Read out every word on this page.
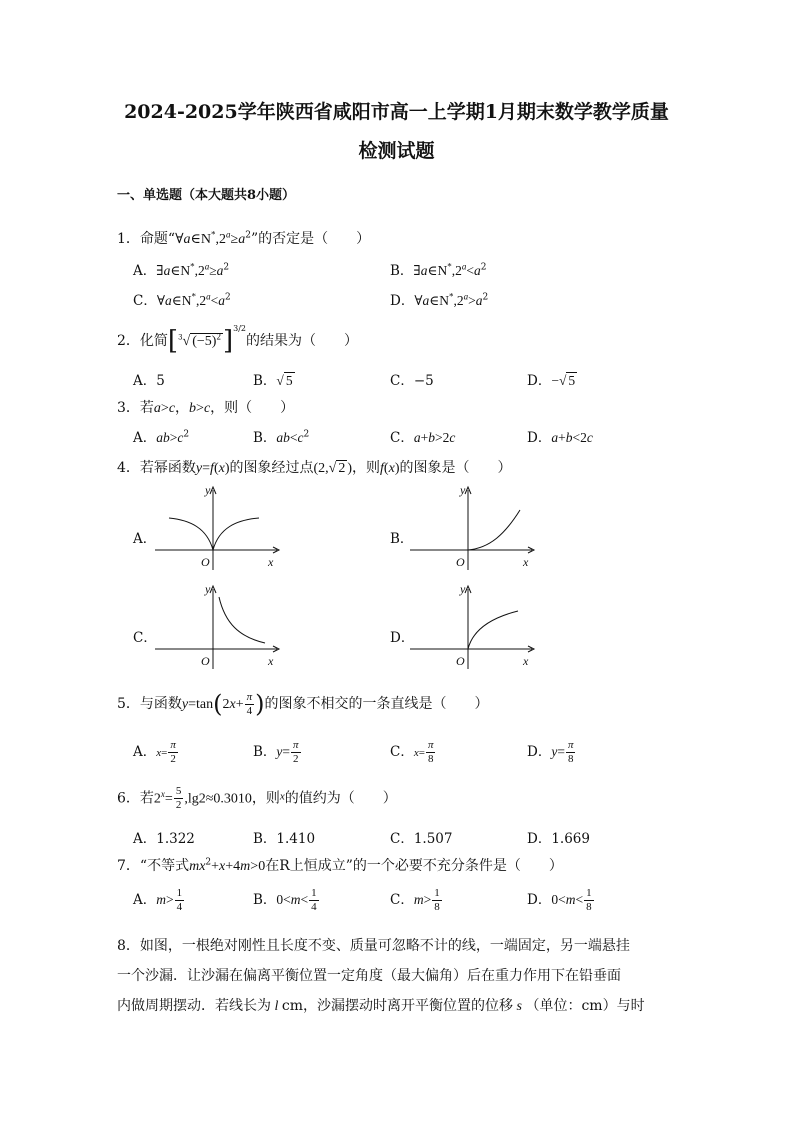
2024-2025学年陕西省咸阳市高一上学期1月期末数学教学质量
检测试题
一、单选题（本大题共8小题）
1．命题“$\forall a\in N^*,2^a\ge a^2$”的否定是（　　）
A．$\exists a\in N^*,2^a\ge a^2$	B．$\exists a\in N^*,2^a<a^2$
C．$\forall a\in N^*,2^a<a^2$	D．$\forall a\in N^*,2^a>a^2$
2．化简[$^3$√ $(-5)^2]^{3/2}$的结果为（　　）
A．5	B．√ 5	C．−5	D．−√ 5
3．若a>c，b>c，则（　　）
A．$ab>c^2$	B．$ab<c^2$	C．a+b>2c	D．a+b<2c
4．若幂函数y=f(x)的图象经过点(2,√ 2 )，则f(x)的图象是（　　）
A．
y
x
O
B．
y
x
O
C．
y
x
O
D．
y
x
O
5．与函数$y=\tan(2x+ \frac{\pi}{4}$ )的图象不相交的一条直线是（　　）
A．$x= \frac{\pi}{2}$	B．$y= \frac{\pi}{2}$	C．$x= \frac{\pi}{8}$	D．$y= \frac{\pi}{8}$
6．若$2^x= \frac{5}{2} ,\lg 2\approx 0.3010$，则$^x$的值约为（　　）
A．1.322	B．1.410	C．1.507	D．1.669
7．“不等式$mx^2+x+4m>0$在R上恒成立”的一个必要不充分条件是（　　）
A．$m> \frac{1}{4}$	B．$0<m< \frac{1}{4}$	C．$m> \frac{1}{8}$	D．$0<m< \frac{1}{8}$
8．如图，一根绝对刚性且长度不变、质量可忽略不计的线，一端固定，另一端悬挂
一个沙漏．让沙漏在偏离平衡位置一定角度（最大偏角）后在重力作用下在铅垂面
内做周期摆动．若线长为 l cm，沙漏摆动时离开平衡位置的位移 s （单位：cm）与时
